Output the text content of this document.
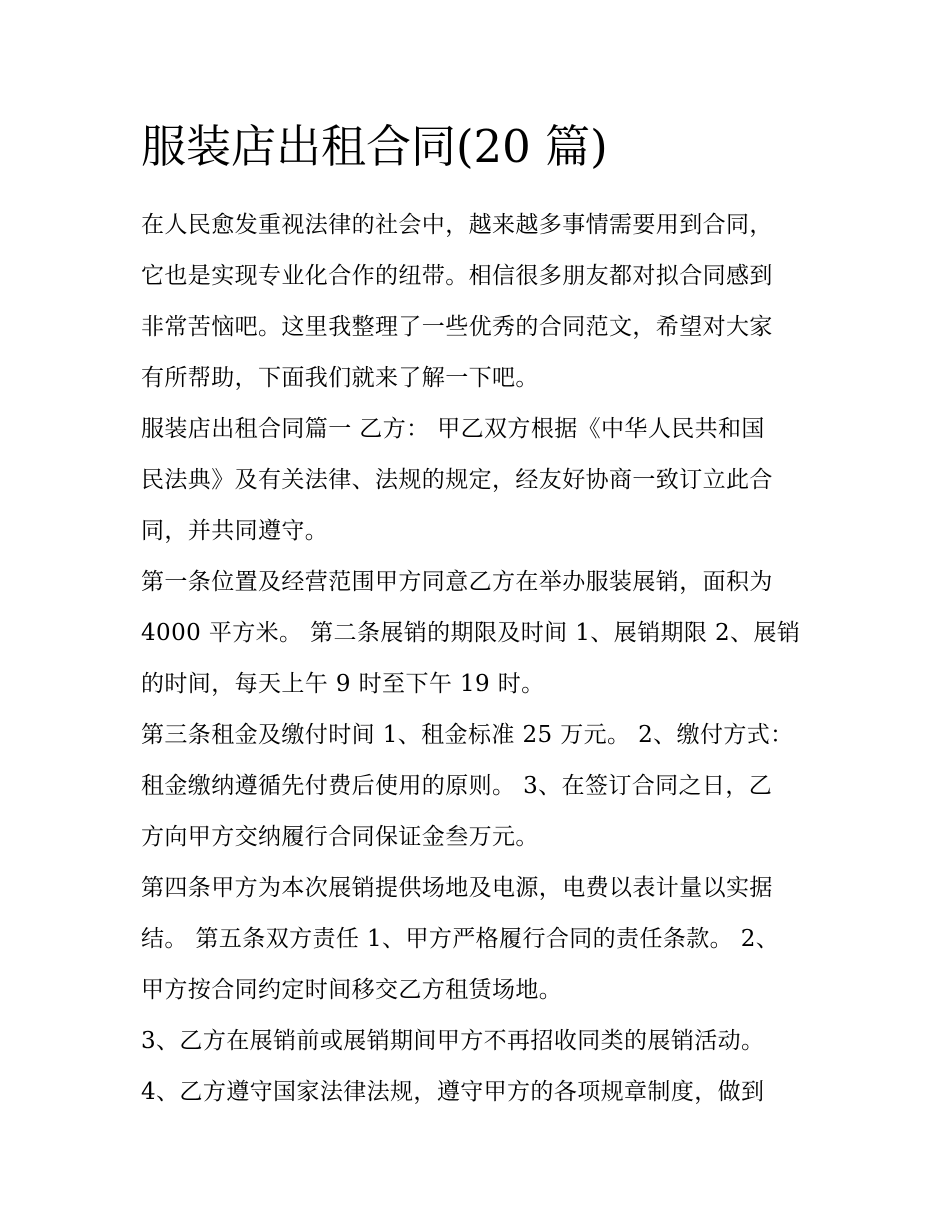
服装店出租合同(20 篇)
在人民愈发重视法律的社会中，越来越多事情需要用到合同，
它也是实现专业化合作的纽带。相信很多朋友都对拟合同感到
非常苦恼吧。这里我整理了一些优秀的合同范文，希望对大家
有所帮助，下面我们就来了解一下吧。
服装店出租合同篇一 乙方： 甲乙双方根据《中华人民共和国
民法典》及有关法律、法规的规定，经友好协商一致订立此合
同，并共同遵守。
第一条位置及经营范围甲方同意乙方在举办服装展销，面积为
4000 平方米。 第二条展销的期限及时间 1、展销期限 2、展销
的时间，每天上午 9 时至下午 19 时。
第三条租金及缴付时间 1、租金标准 25 万元。 2、缴付方式：
租金缴纳遵循先付费后使用的原则。 3、在签订合同之日，乙
方向甲方交纳履行合同保证金叁万元。
第四条甲方为本次展销提供场地及电源，电费以表计量以实据
结。 第五条双方责任 1、甲方严格履行合同的责任条款。 2、
甲方按合同约定时间移交乙方租赁场地。
3、乙方在展销前或展销期间甲方不再招收同类的展销活动。
4、乙方遵守国家法律法规，遵守甲方的各项规章制度，做到
